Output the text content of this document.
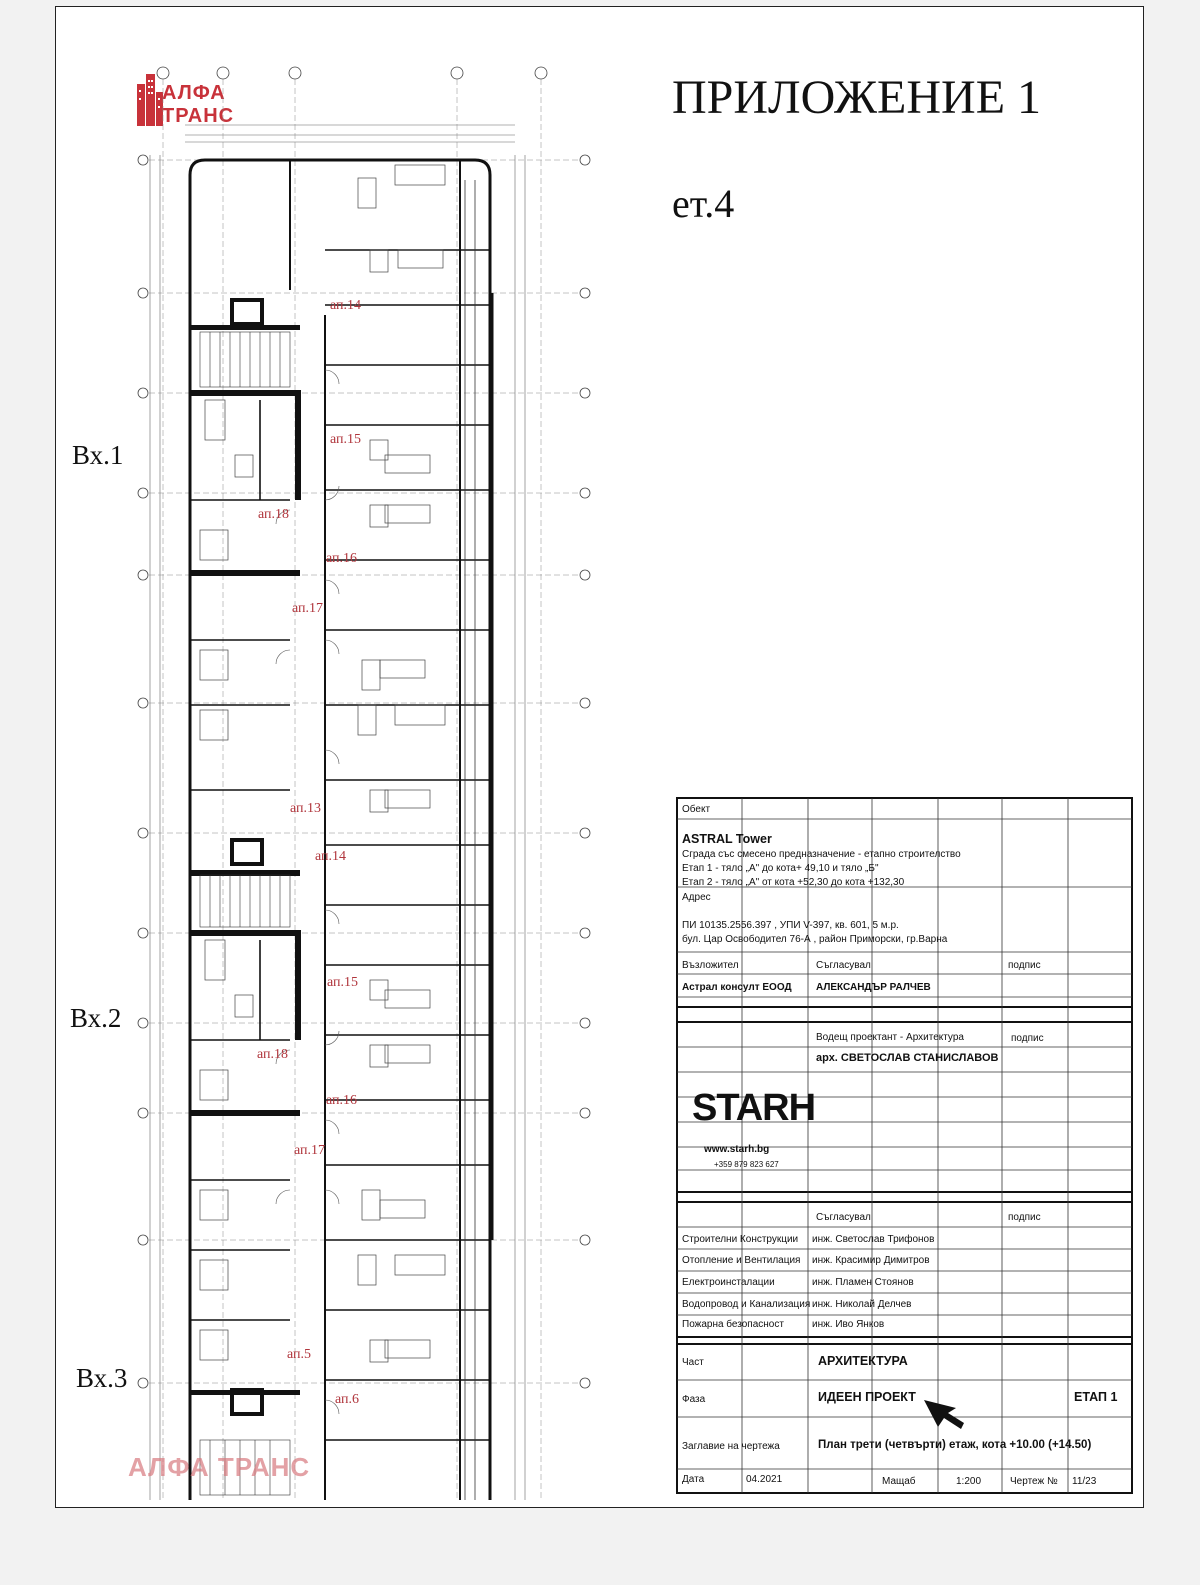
АЛФА ТРАНС	ПРИЛОЖЕНИЕ 1
ет.4
Вх.1
Вх.2
Вх.3
ап.14
ап.15
ап.18
ап.16
ап.17
ап.13
ап.14
ап.15
ап.18
ап.16
ап.17
ап.5
ап.6
АЛФА ТРАНС
Обект
ASTRAL Tower
Сграда със смесено предназначение - етапно строителство
Етап 1 - тяло „А" до кота+ 49,10 и тяло „Б"
Етап 2 - тяло „А" от кота +52,30 до кота +132,30
Адрес
ПИ 10135.2556.397 , УПИ V-397, кв. 601, 5 м.р.
бул. Цар Освободител 76-А , район Приморски, гр.Варна
Възложител	Съгласувал	подпис
Астрал консулт ЕООД АЛЕКСАНДЪР РАЛЧЕВ
Водещ проектант - Архитектура	подпис
арх. СВЕТОСЛАВ СТАНИСЛАВОВ
STARH
www.starh.bg
+359 879 823 627
Съгласувал	подпис
Строителни Конструкции инж. Светослав Трифонов
Отопление и Вентилация инж. Красимир Димитров
Електроинсталации	инж. Пламен Стоянов
Водопровод и Канализация инж. Николай Делчев
Пожарна безопасност	инж. Иво Янков
Част	АРХИТЕКТУРА
Фаза	ИДЕЕН ПРОЕКТ	ЕТАП 1
Заглавие на чертежа	План трети (четвърти) етаж, кота +10.00 (+14.50)
Дата	04.2021	Мащаб	1:200	Чертеж № 11/23
